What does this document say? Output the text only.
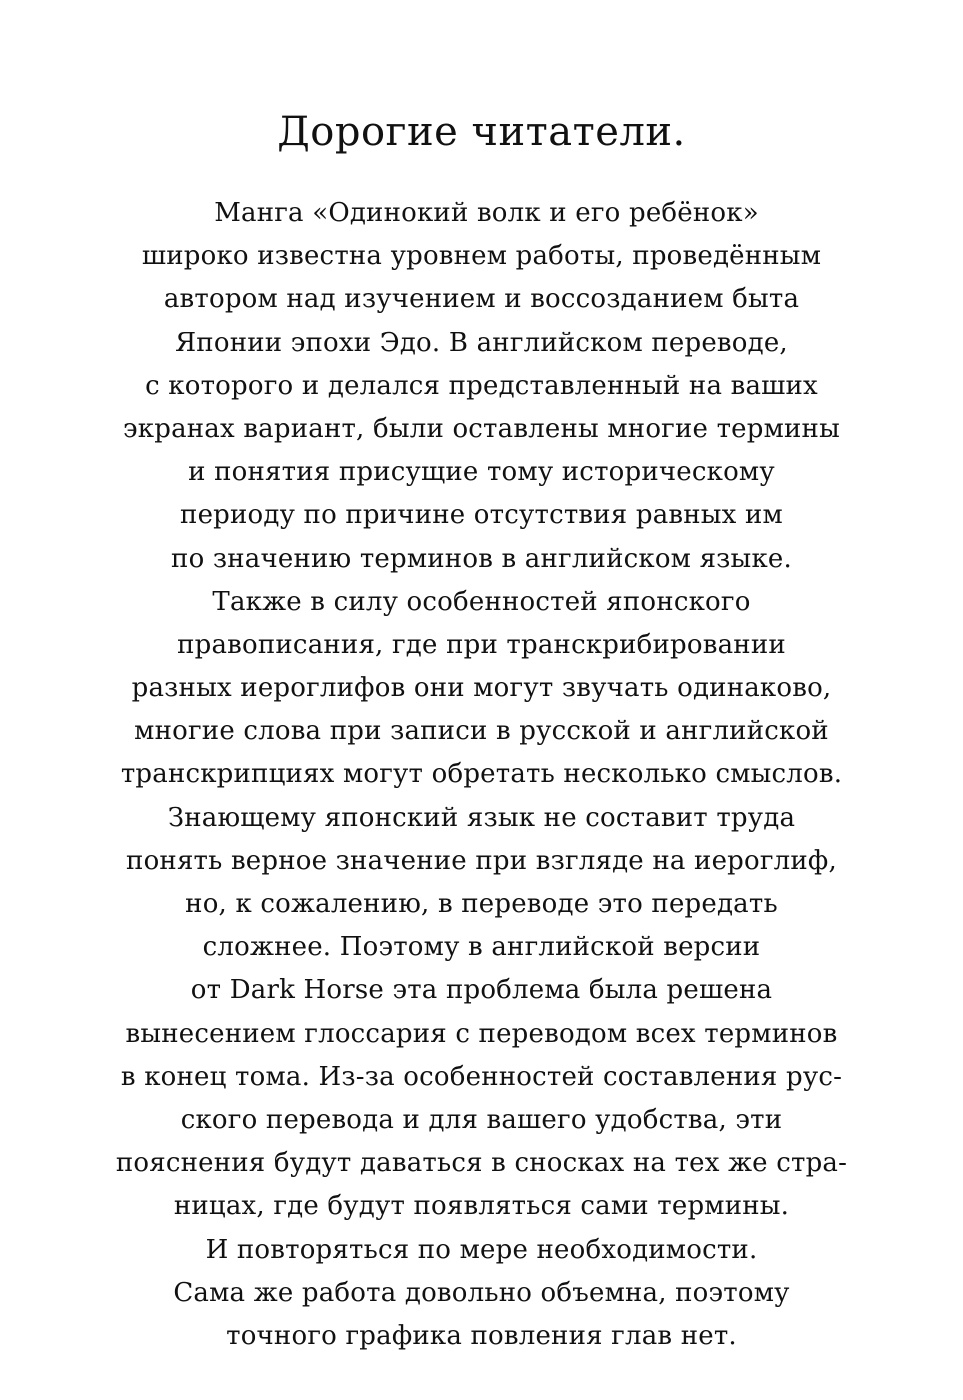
Дорогие читатели.
Манга «Одинокий волк и его ребёнок»
широко известна уровнем работы, проведённым
автором над изучением и воссозданием быта
Японии эпохи Эдо. В английском переводе,
с которого и делался представленный на ваших
экранах вариант, были оставлены многие термины
и понятия присущие тому историческому
периоду по причине отсутствия равных им
по значению терминов в английском языке.
Также в силу особенностей японского
правописания, где при транскрибировании
разных иероглифов они могут звучать одинаково,
многие слова при записи в русской и английской
транскрипциях могут обретать несколько смыслов.
Знающему японский язык не составит труда
понять верное значение при взгляде на иероглиф,
но, к сожалению, в переводе это передать
сложнее. Поэтому в английской версии
от Dark Horse эта проблема была решена
вынесением глоссария с переводом всех терминов
в конец тома. Из-за особенностей составления рус-
ского перевода и для вашего удобства, эти
пояснения будут даваться в сносках на тех же стра-
ницах, где будут появляться сами термины.
И повторяться по мере необходимости.
Сама же работа довольно объемна, поэтому
точного графика повления глав нет.
